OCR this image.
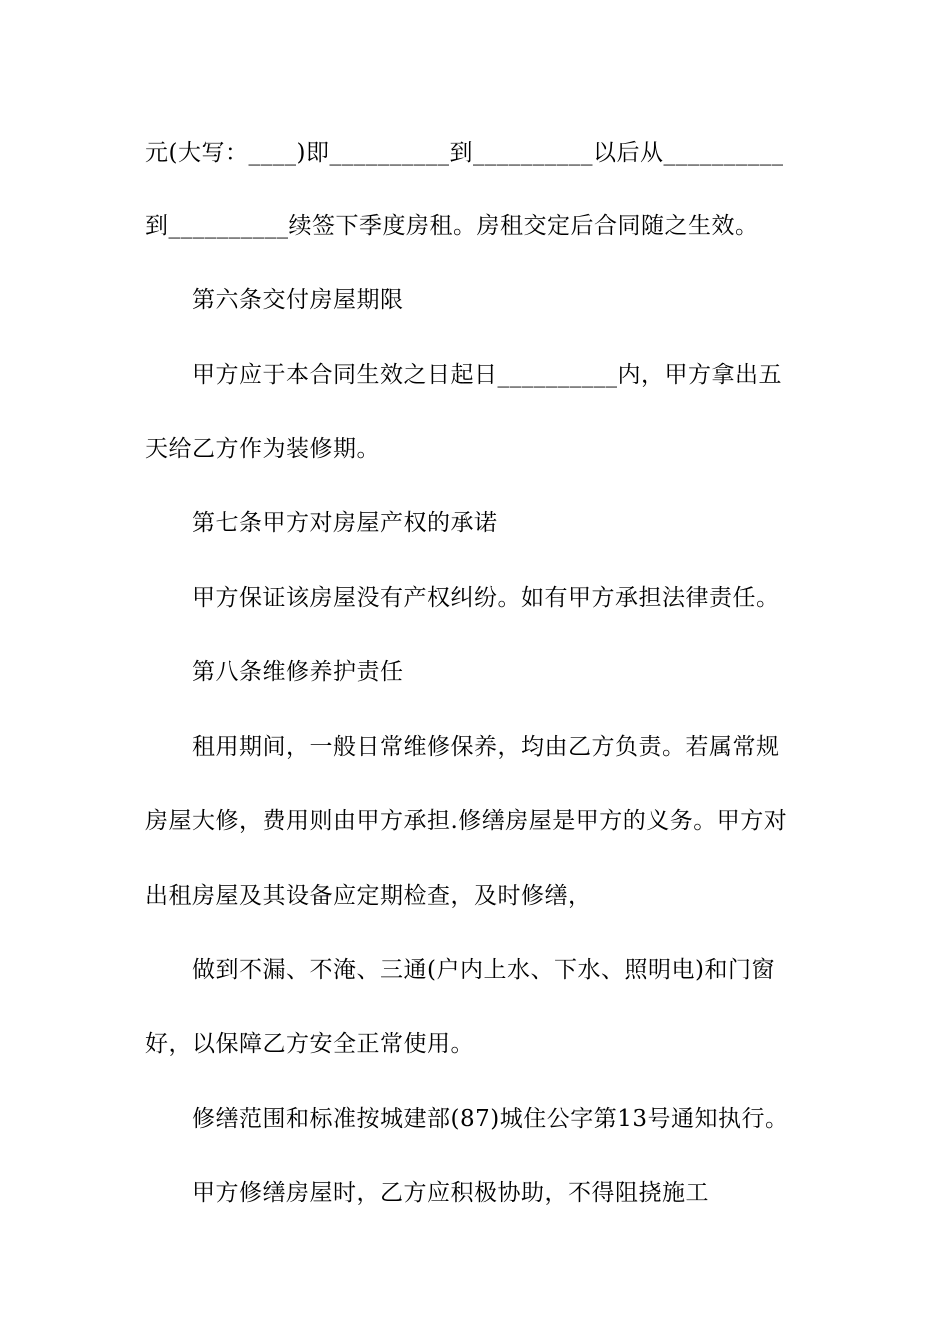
元(大写：____)即__________到__________以后从__________
到__________续签下季度房租。房租交定后合同随之生效。
第六条交付房屋期限
甲方应于本合同生效之日起日__________内，甲方拿出五
天给乙方作为装修期。
第七条甲方对房屋产权的承诺
甲方保证该房屋没有产权纠纷。如有甲方承担法律责任。
第八条维修养护责任
租用期间，一般日常维修保养，均由乙方负责。若属常规
房屋大修，费用则由甲方承担.修缮房屋是甲方的义务。甲方对
出租房屋及其设备应定期检查，及时修缮，
做到不漏、不淹、三通(户内上水、下水、照明电)和门窗
好，以保障乙方安全正常使用。
修缮范围和标准按城建部(87)城住公字第13号通知执行。
甲方修缮房屋时，乙方应积极协助，不得阻挠施工
